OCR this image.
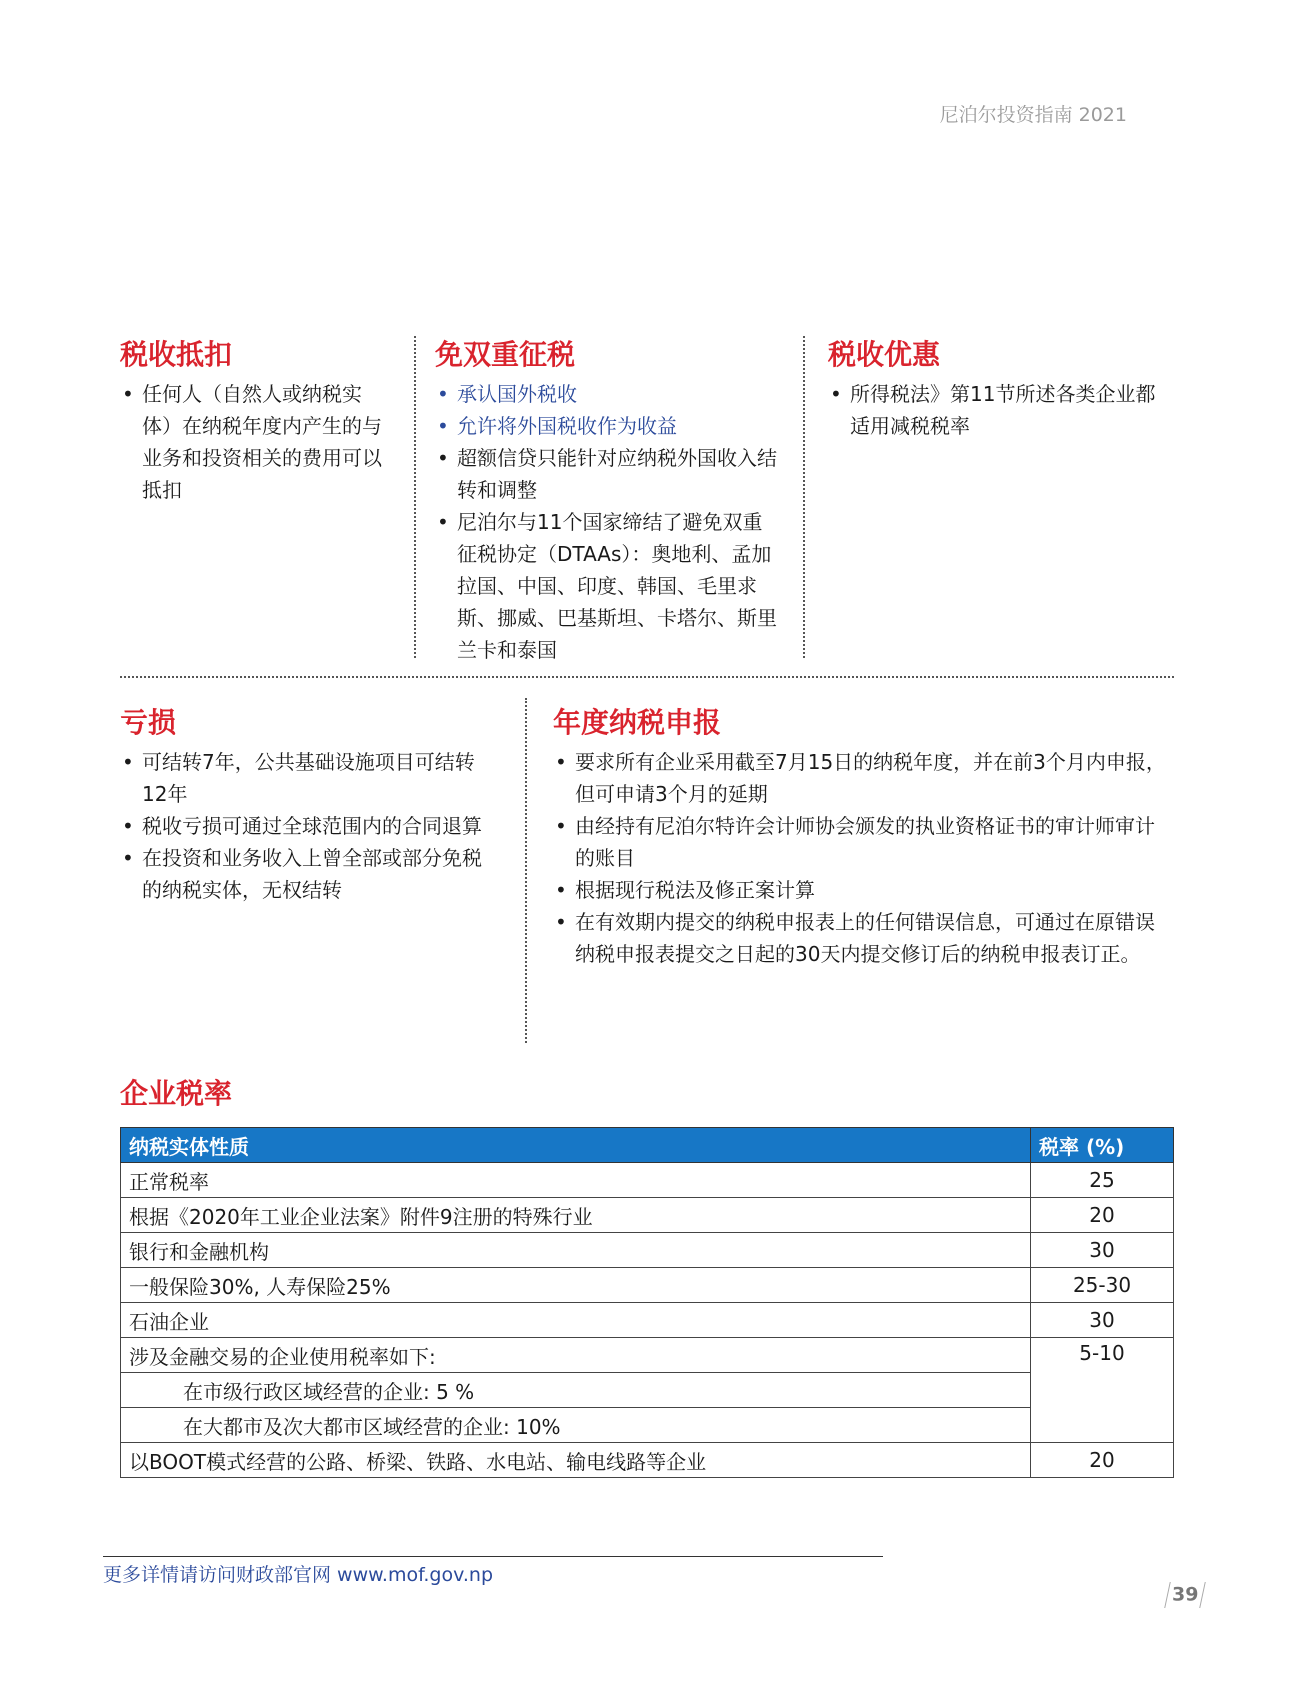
尼泊尔投资指南 2021
税收抵扣
• 任何人（自然人或纳税实体）在纳税年度内产生的与业务和投资相关的费用可以抵扣
免双重征税
• 承认国外税收
• 允许将外国税收作为收益
• 超额信贷只能针对应纳税外国收入结转和调整
• 尼泊尔与11个国家缔结了避免双重征税协定（DTAAs）：奥地利、孟加拉国、中国、印度、韩国、毛里求斯、挪威、巴基斯坦、卡塔尔、斯里兰卡和泰国
税收优惠
• 所得税法》第11节所述各类企业都适用减税税率
亏损
• 可结转7年，公共基础设施项目可结转12年
• 税收亏损可通过全球范围内的合同退算
• 在投资和业务收入上曾全部或部分免税的纳税实体，无权结转
年度纳税申报
• 要求所有企业采用截至7月15日的纳税年度，并在前3个月内申报，但可申请3个月的延期
• 由经持有尼泊尔特许会计师协会颁发的执业资格证书的审计师审计的账目
• 根据现行税法及修正案计算
• 在有效期内提交的纳税申报表上的任何错误信息，可通过在原错误纳税申报表提交之日起的30天内提交修订后的纳税申报表订正。
企业税率
纳税实体性质	税率 (%)
正常税率	25
根据《2020年工业企业法案》附件9注册的特殊行业	20
银行和金融机构	30
一般保险30%, 人寿保险25%	25-30
石油企业	30
涉及金融交易的企业使用税率如下:	5-10
在市级行政区域经营的企业: 5 %	
在大都市及次大都市区域经营的企业: 10%	
以BOOT模式经营的公路、桥梁、铁路、水电站、输电线路等企业	20
更多详情请访问财政部官网 www.mof.gov.np
39
